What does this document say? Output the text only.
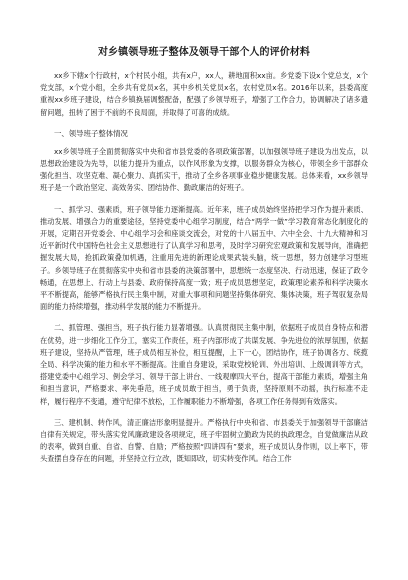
对乡镇领导班子整体及领导干部个人的评价材料

xx乡下辖x个行政村，x个村民小组，共有x户，xx人，耕地面积xx亩。乡党委下设x个党总支，x个党支部，x个党小组，全乡共有党员x名，其中乡机关党员x名，农村党员x名。2016年以来，县委高度重视xx乡班子建设，结合乡镇换届调整配备，配强了乡领导班子，增强了工作合力，协调解决了诸多遗留问题，扭转了困于不前的不良局面，并取得了可喜的成绩。

一、领导班子整体情况

xx乡领导班子全面贯彻落实中央和省市县党委的各项政策部署，以加强领导班子建设为出发点，以思想政治建设为先导，以能力提升为重点，以作风形象为支撑，以服务群众为核心，带领全乡干部群众强化担当、攻坚克难、凝心聚力、真抓实干，推动了全乡各项事业稳步健康发展。总体来看，xx乡领导班子是一个政治坚定、高效务实、团结协作、勤政廉洁的好班子。

一、抓学习、强素质，班子领导能力逐渐提高。近年来，班子成员始终坚持把学习作为提升素质、推动发展、增强合力的重要途径，坚持党委中心组学习制度，结合“两学一做”学习教育常态化制度化的开展，定期召开党委会、中心组学习会和座谈交流会，对党的十八届五中、六中全会、十九大精神和习近平新时代中国特色社会主义思想进行了认真学习和思考，及时学习研究宏观政策和发展导向，准确把握发展大局，抢抓政策叠加机遇，注重用先进的新理论成果武装头脑，统一思想，努力创建学习型班子。乡领导班子在贯彻落实中央和省市县委的决策部署中，思想统一态度坚决、行动迅速，保证了政令畅通，在思想上、行动上与县委、政府保持高度一致；班子成员思想坚定，政策理论素养和科学决策水平不断提高，能够严格执行民主集中制，对重大事项和问题坚持集体研究、集体决策，班子驾驭复杂局面的能力持续增强，推动科学发展的能力不断提升。

二、抓管理、强担当，班子执行能力显著增强。认真贯彻民主集中制，依据班子成员自身特点和潜在优势，进一步细化工作分工，塞实工作责任，班子内部形成了共谋发展、争先进位的浓厚氛围，依据班子建设，坚持从严管理，班子成员相互补位，相互提醒，上下一心，团结协作，班子协调各方、统揽全局、科学决策的能力和水平不断提高。注重自身建设，采取党校轮训、外出培训、上级调训等方式，搭建党委中心组学习、例会学习、领导干部上讲台、一线观摩四大平台，提高干部能力素质，增强主角和担当意识，严格要求、率先垂范，班子成员敢于担当，勇于负责，坚持原则不动摇，执行标准不走样，履行程序不变通，遵守纪律不放松，工作履职能力不断增强，各项工作任务得到有效落实。

三、建机制、转作风，清正廉洁形象明显提升。严格执行中央和省、市县委关于加强领导干部廉洁自律有关规定，带头落实党风廉政建设各项规定，班子牢固树立勤政为民的执政理念，自觉做廉洁从政的表率，做到自重、自省、自警、自励；严格按照“四讲四有”要求，班子成员认身作则，以上率下，带头查摆自身存在的问题，并坚持立行立改，既知即改，切实转变作风。结合工作
